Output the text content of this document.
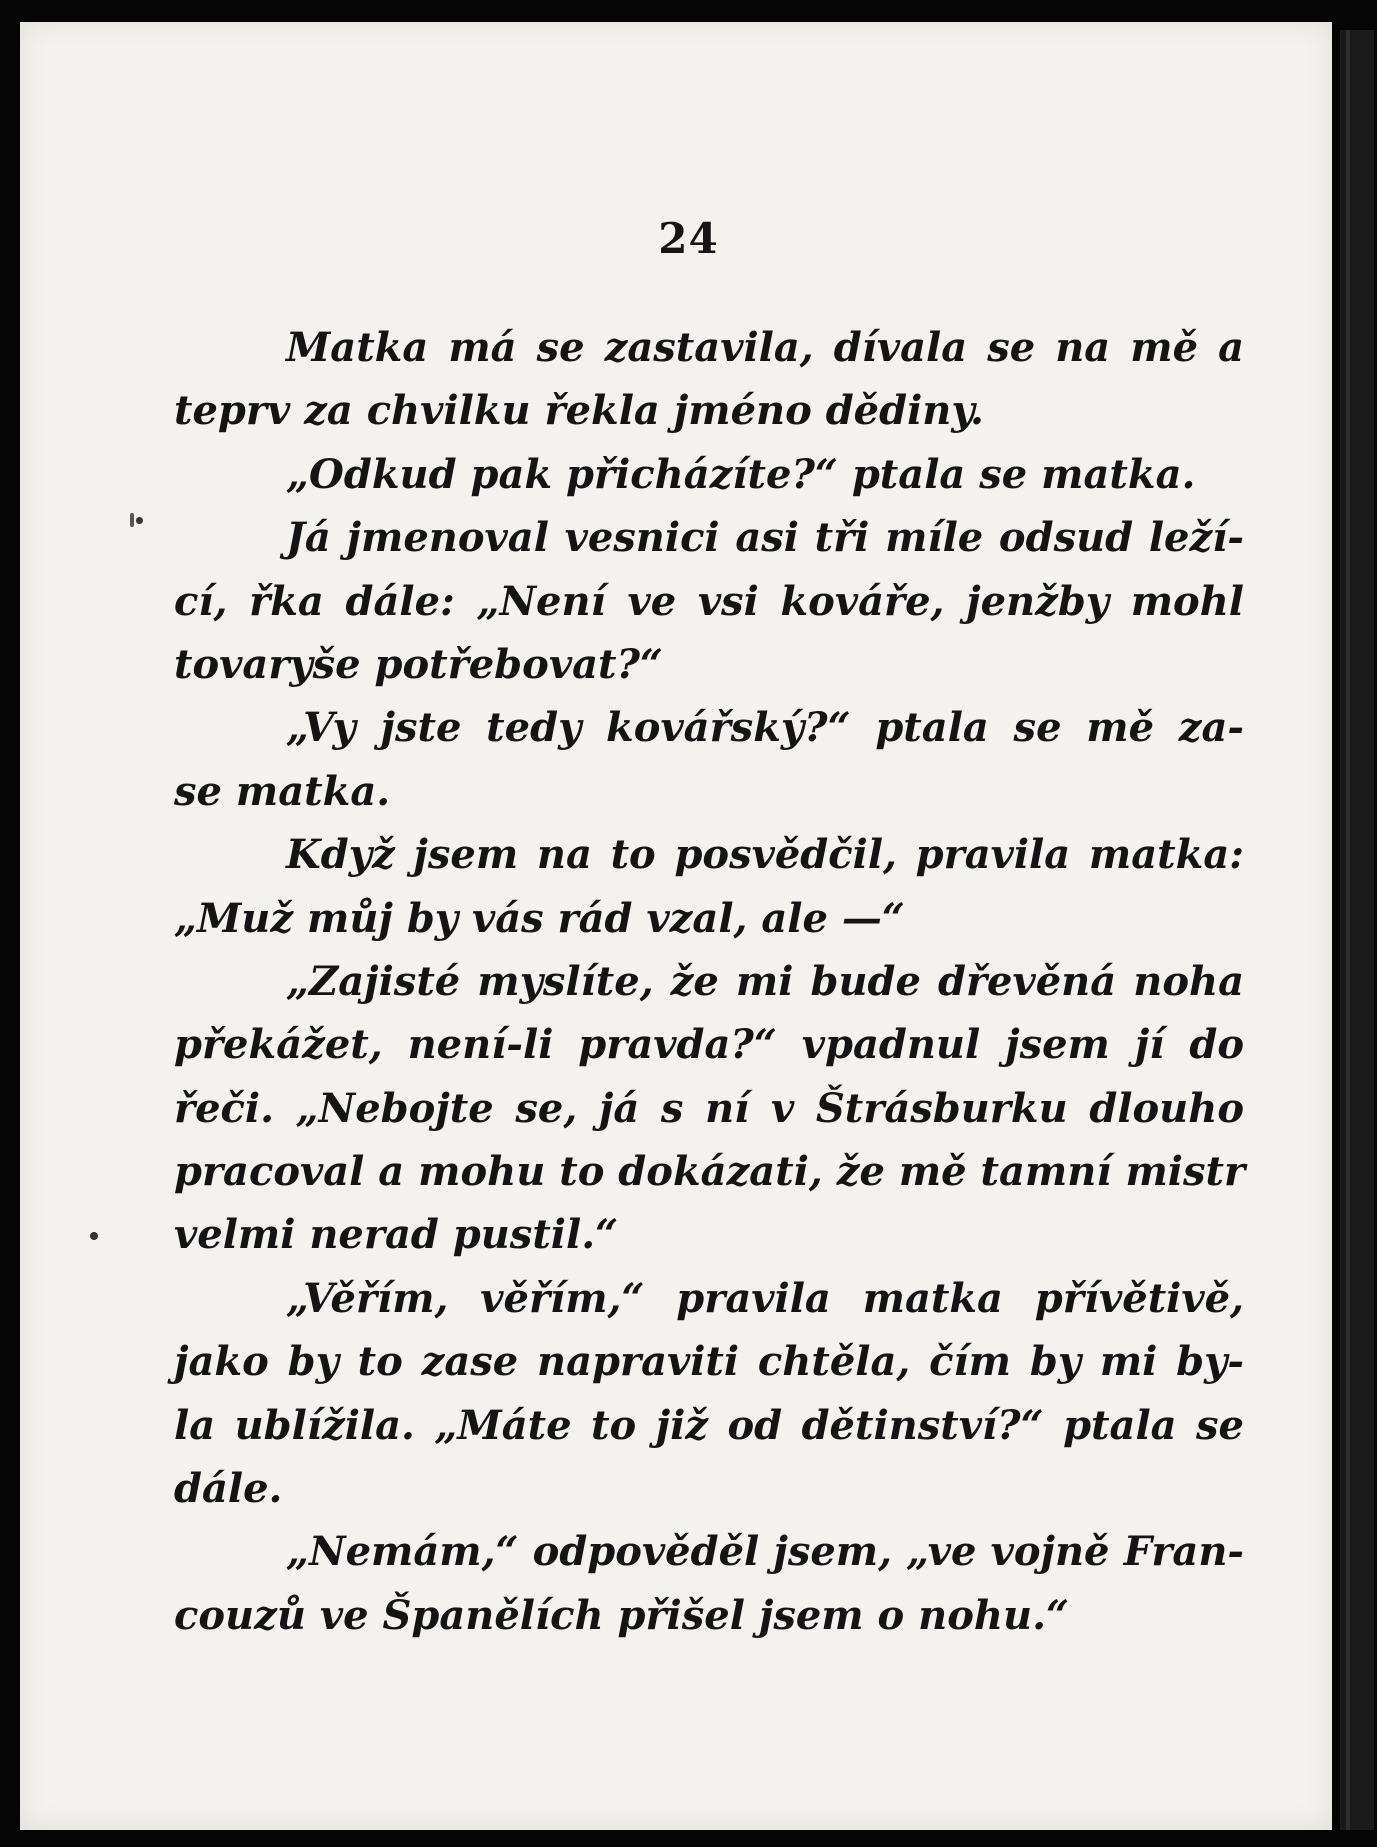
24
Matka má se zastavila, dívala se na mě a
teprv za chvilku řekla jméno dědiny.
„Odkud pak přicházíte?“ ptala se matka.
Já jmenoval vesnici asi tři míle odsud leží-
cí, řka dále: „Není ve vsi kováře, jenžby mohl
tovaryše potřebovat?“
„Vy jste tedy kovářský?“ ptala se mě za-
se matka.
Když jsem na to posvědčil, pravila matka:
„Muž můj by vás rád vzal, ale —“
„Zajisté myslíte, že mi bude dřevěná noha
překážet, není-li pravda?“ vpadnul jsem jí do
řeči. „Nebojte se, já s ní v Štrásburku dlouho
pracoval a mohu to dokázati, že mě tamní mistr
velmi nerad pustil.“
„Věřím, věřím,“ pravila matka přívětivě,
jako by to zase napraviti chtěla, čím by mi by-
la ublížila. „Máte to již od dětinství?“ ptala se
dále.
„Nemám,“ odpověděl jsem, „ve vojně Fran-
couzů ve Španělích přišel jsem o nohu.“
